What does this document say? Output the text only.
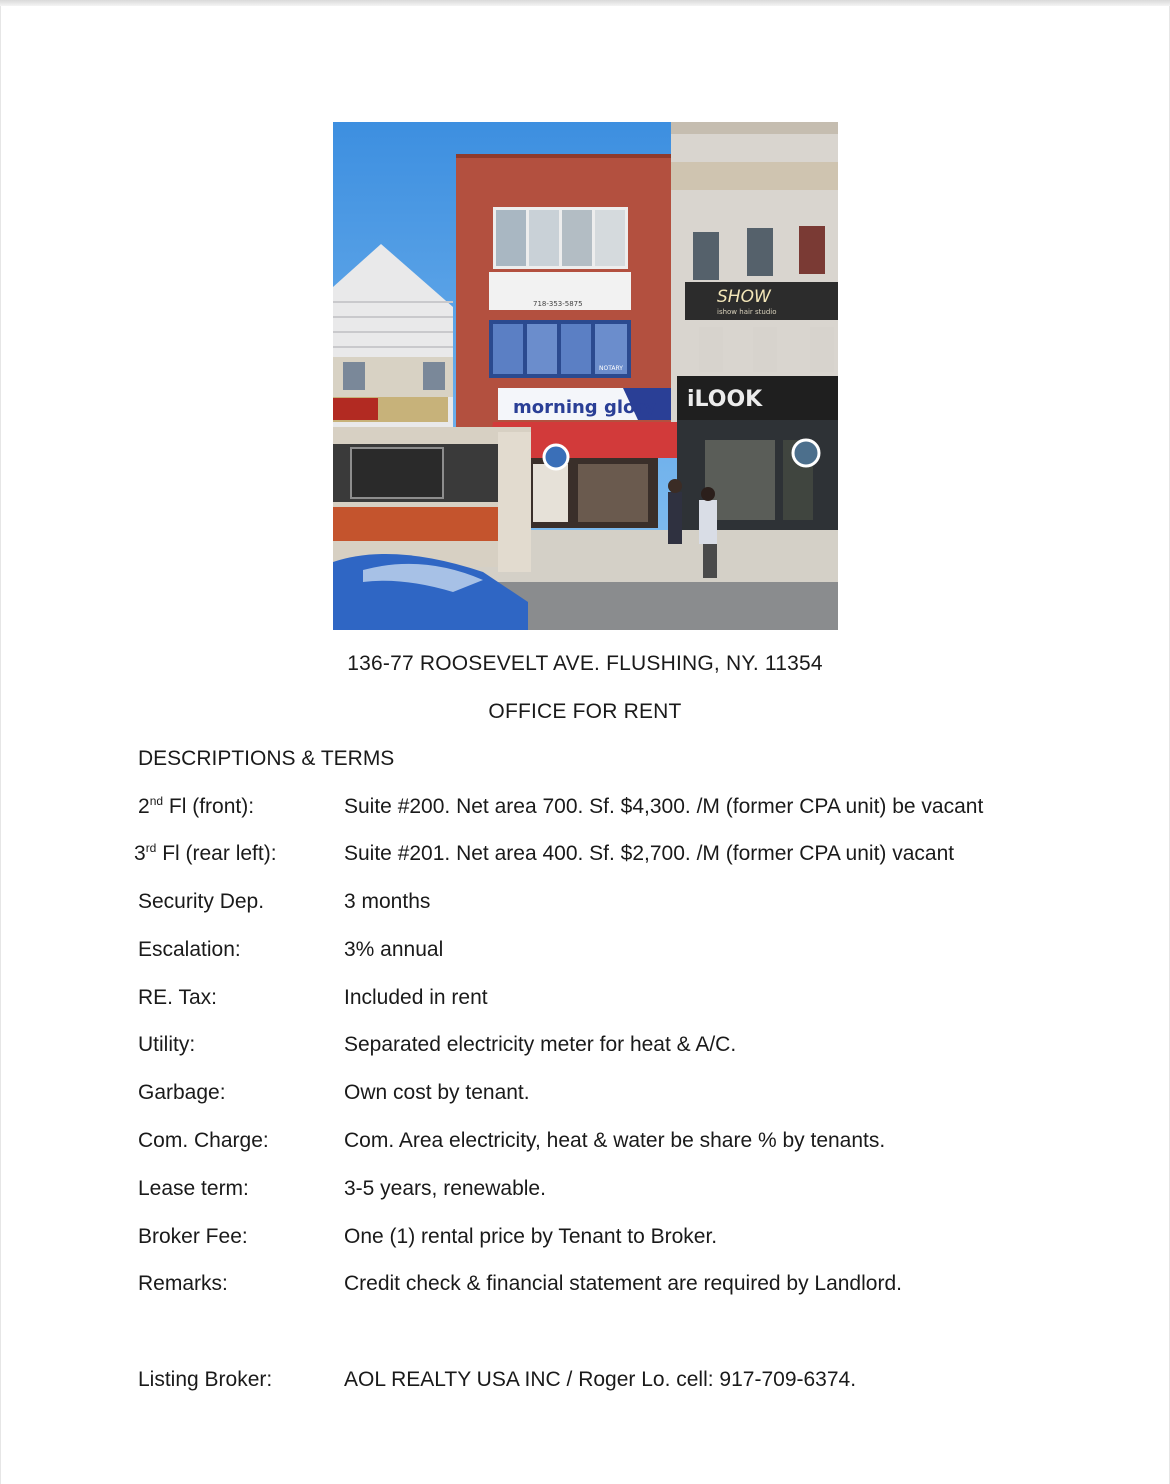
SHOW
ishow hair studio
iLOOK
morning glory
718-353-5875
NOTARY
136-77 ROOSEVELT AVE. FLUSHING, NY. 11354
OFFICE FOR RENT
DESCRIPTIONS & TERMS
2nd Fl (front):	Suite #200. Net area 700. Sf. $4,300. /M (former CPA unit) be vacant
3rd Fl (rear left):	Suite #201. Net area 400. Sf. $2,700. /M (former CPA unit) vacant
Security Dep.	3 months
Escalation:	3% annual
RE. Tax:	Included in rent
Utility:	Separated electricity meter for heat & A/C.
Garbage:	Own cost by tenant.
Com. Charge:	Com. Area electricity, heat & water be share % by tenants.
Lease term:	3-5 years, renewable.
Broker Fee:	One (1) rental price by Tenant to Broker.
Remarks:	Credit check & financial statement are required by Landlord.
Listing Broker:	AOL REALTY USA INC / Roger Lo. cell: 917-709-6374.
